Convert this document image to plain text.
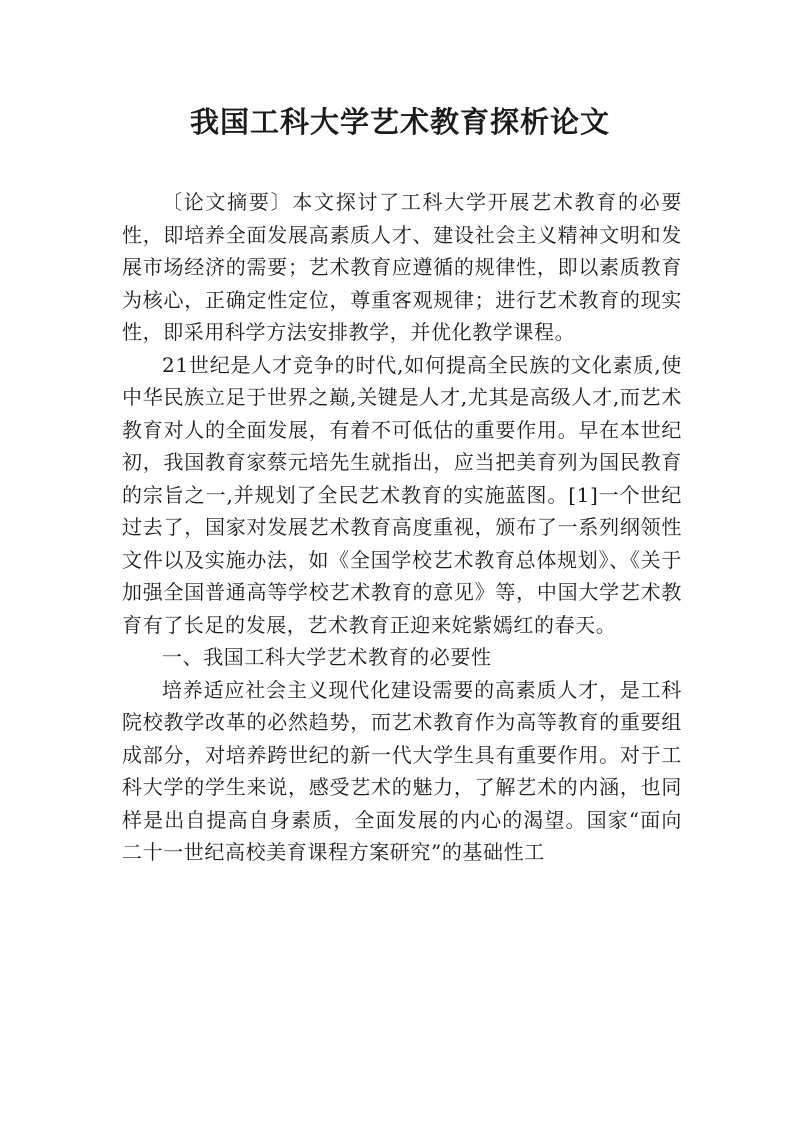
我国工科大学艺术教育探析论文

〔论文摘要〕本文探讨了工科大学开展艺术教育的必要性，即培养全面发展高素质人才、建设社会主义精神文明和发展市场经济的需要；艺术教育应遵循的规律性，即以素质教育为核心，正确定性定位，尊重客观规律；进行艺术教育的现实性，即采用科学方法安排教学，并优化教学课程。

21世纪是人才竞争的时代,如何提高全民族的文化素质,使中华民族立足于世界之巅,关键是人才,尤其是高级人才,而艺术教育对人的全面发展，有着不可低估的重要作用。早在本世纪初，我国教育家蔡元培先生就指出，应当把美育列为国民教育的宗旨之一,并规划了全民艺术教育的实施蓝图。[1]一个世纪过去了，国家对发展艺术教育高度重视，颁布了一系列纲领性文件以及实施办法，如《全国学校艺术教育总体规划》、《关于加强全国普通高等学校艺术教育的意见》等，中国大学艺术教育有了长足的发展，艺术教育正迎来姹紫嫣红的春天。

一、我国工科大学艺术教育的必要性

培养适应社会主义现代化建设需要的高素质人才，是工科院校教学改革的必然趋势，而艺术教育作为高等教育的重要组成部分，对培养跨世纪的新一代大学生具有重要作用。对于工科大学的学生来说，感受艺术的魅力，了解艺术的内涵，也同样是出自提高自身素质，全面发展的内心的渴望。国家“面向二十一世纪高校美育课程方案研究”的基础性工
